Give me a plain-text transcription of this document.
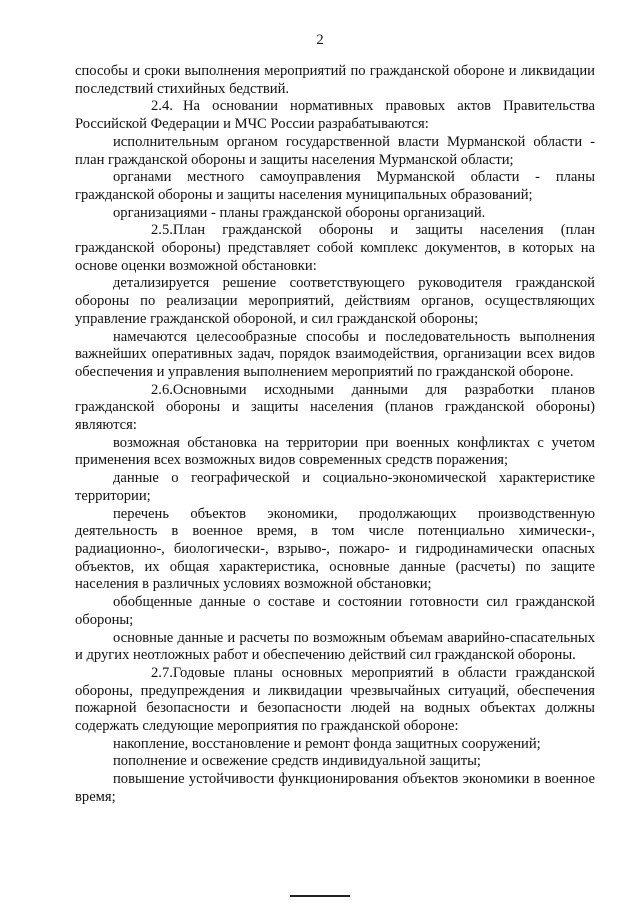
2

способы и сроки выполнения мероприятий по гражданской обороне и ликвидации последствий стихийных бедствий.

2.4. На основании нормативных правовых актов Правительства Российской Федерации и МЧС России разрабатываются:

исполнительным органом государственной власти Мурманской области - план гражданской обороны и защиты населения Мурманской области;

органами местного самоуправления Мурманской области - планы гражданской обороны и защиты населения муниципальных образований;

организациями - планы гражданской обороны организаций.

2.5.План гражданской обороны и защиты населения (план гражданской обороны) представляет собой комплекс документов, в которых на основе оценки возможной обстановки:

детализируется решение соответствующего руководителя гражданской обороны по реализации мероприятий, действиям органов, осуществляющих управление гражданской обороной, и сил гражданской обороны;

намечаются целесообразные способы и последовательность выполнения важнейших оперативных задач, порядок взаимодействия, организации всех видов обеспечения и управления выполнением мероприятий по гражданской обороне.

2.6.Основными исходными данными для разработки планов гражданской обороны и защиты населения (планов гражданской обороны) являются:

возможная обстановка на территории при военных конфликтах с учетом применения всех возможных видов современных средств поражения;

данные о географической и социально-экономической характеристике территории;

перечень объектов экономики, продолжающих производственную деятельность в военное время, в том числе потенциально химически-, радиационно-, биологически-, взрыво-, пожаро- и гидродинамически опасных объектов, их общая характеристика, основные данные (расчеты) по защите населения в различных условиях возможной обстановки;

обобщенные данные о составе и состоянии готовности сил гражданской обороны;

основные данные и расчеты по возможным объемам аварийно-спасательных и других неотложных работ и обеспечению действий сил гражданской обороны.

2.7.Годовые планы основных мероприятий в области гражданской обороны, предупреждения и ликвидации чрезвычайных ситуаций, обеспечения пожарной безопасности и безопасности людей на водных объектах должны содержать следующие мероприятия по гражданской обороне:

накопление, восстановление и ремонт фонда защитных сооружений;

пополнение и освежение средств индивидуальной защиты;

повышение устойчивости функционирования объектов экономики в военное время;
